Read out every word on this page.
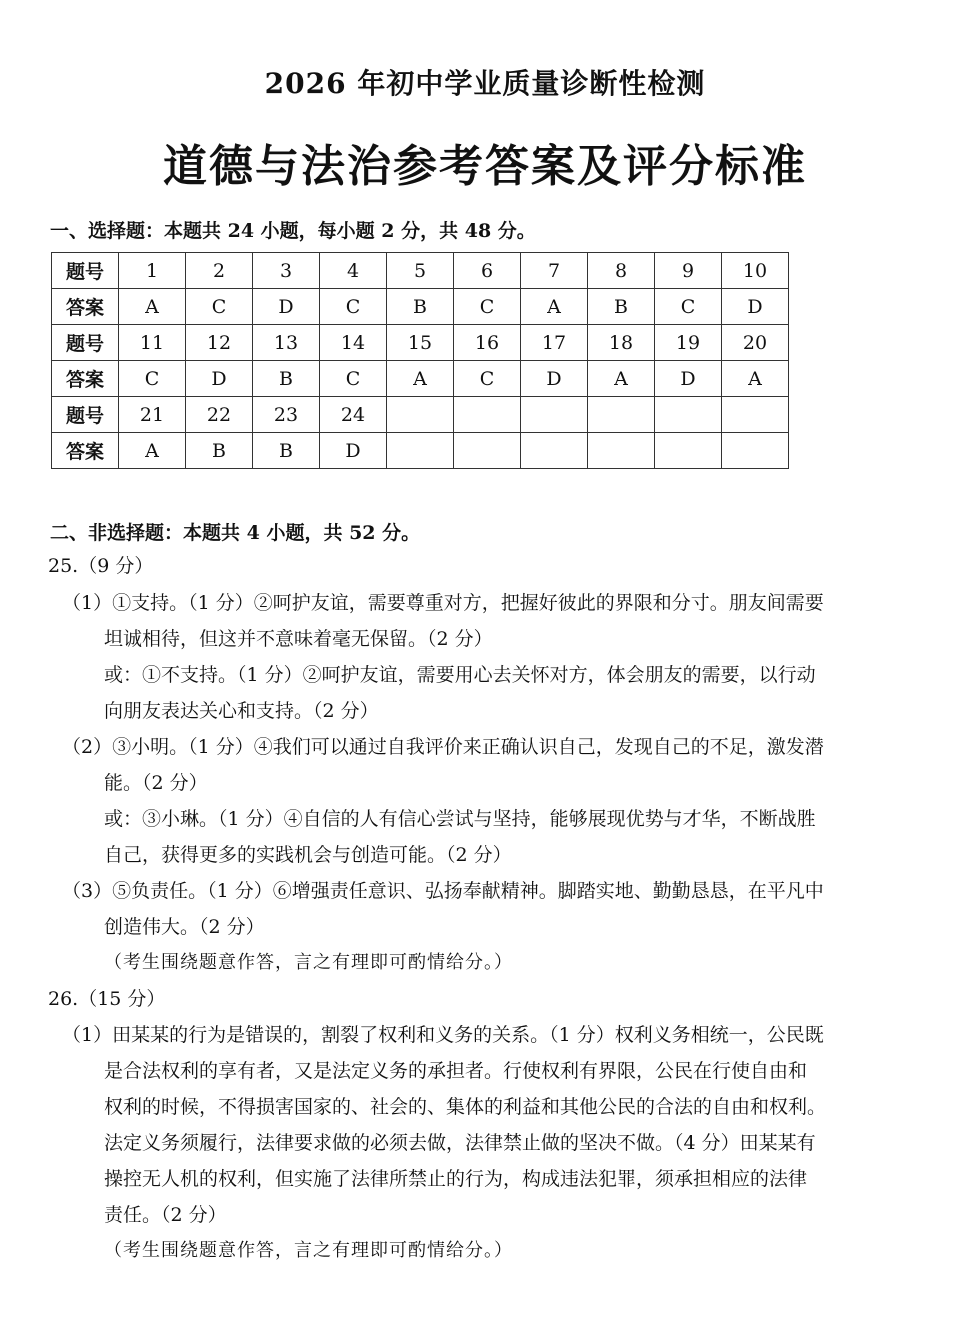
2026 年初中学业质量诊断性检测
道德与法治参考答案及评分标准
一、选择题：本题共 24 小题，每小题 2 分，共 48 分。
题号	1	2	3	4	5	6	7	8	9	10
答案	A	C	D	C	B	C	A	B	C	D
题号	11	12	13	14	15	16	17	18	19	20
答案	C	D	B	C	A	C	D	A	D	A
题号	21	22	23	24						
答案	A	B	B	D						
二、非选择题：本题共 4 小题，共 52 分。
25.（9 分）
（1）①支持。（1 分）②呵护友谊，需要尊重对方，把握好彼此的界限和分寸。朋友间需要
坦诚相待，但这并不意味着毫无保留。（2 分）
或：①不支持。（1 分）②呵护友谊，需要用心去关怀对方，体会朋友的需要，以行动
向朋友表达关心和支持。（2 分）
（2）③小明。（1 分）④我们可以通过自我评价来正确认识自己，发现自己的不足，激发潜
能。（2 分）
或：③小琳。（1 分）④自信的人有信心尝试与坚持，能够展现优势与才华，不断战胜
自己，获得更多的实践机会与创造可能。（2 分）
（3）⑤负责任。（1 分）⑥增强责任意识、弘扬奉献精神。脚踏实地、勤勤恳恳，在平凡中
创造伟大。（2 分）
（考生围绕题意作答，言之有理即可酌情给分。）
26.（15 分）
（1）田某某的行为是错误的，割裂了权利和义务的关系。（1 分）权利义务相统一，公民既
是合法权利的享有者，又是法定义务的承担者。行使权利有界限，公民在行使自由和
权利的时候，不得损害国家的、社会的、集体的利益和其他公民的合法的自由和权利。
法定义务须履行，法律要求做的必须去做，法律禁止做的坚决不做。（4 分）田某某有
操控无人机的权利，但实施了法律所禁止的行为，构成违法犯罪，须承担相应的法律
责任。（2 分）
（考生围绕题意作答，言之有理即可酌情给分。）
